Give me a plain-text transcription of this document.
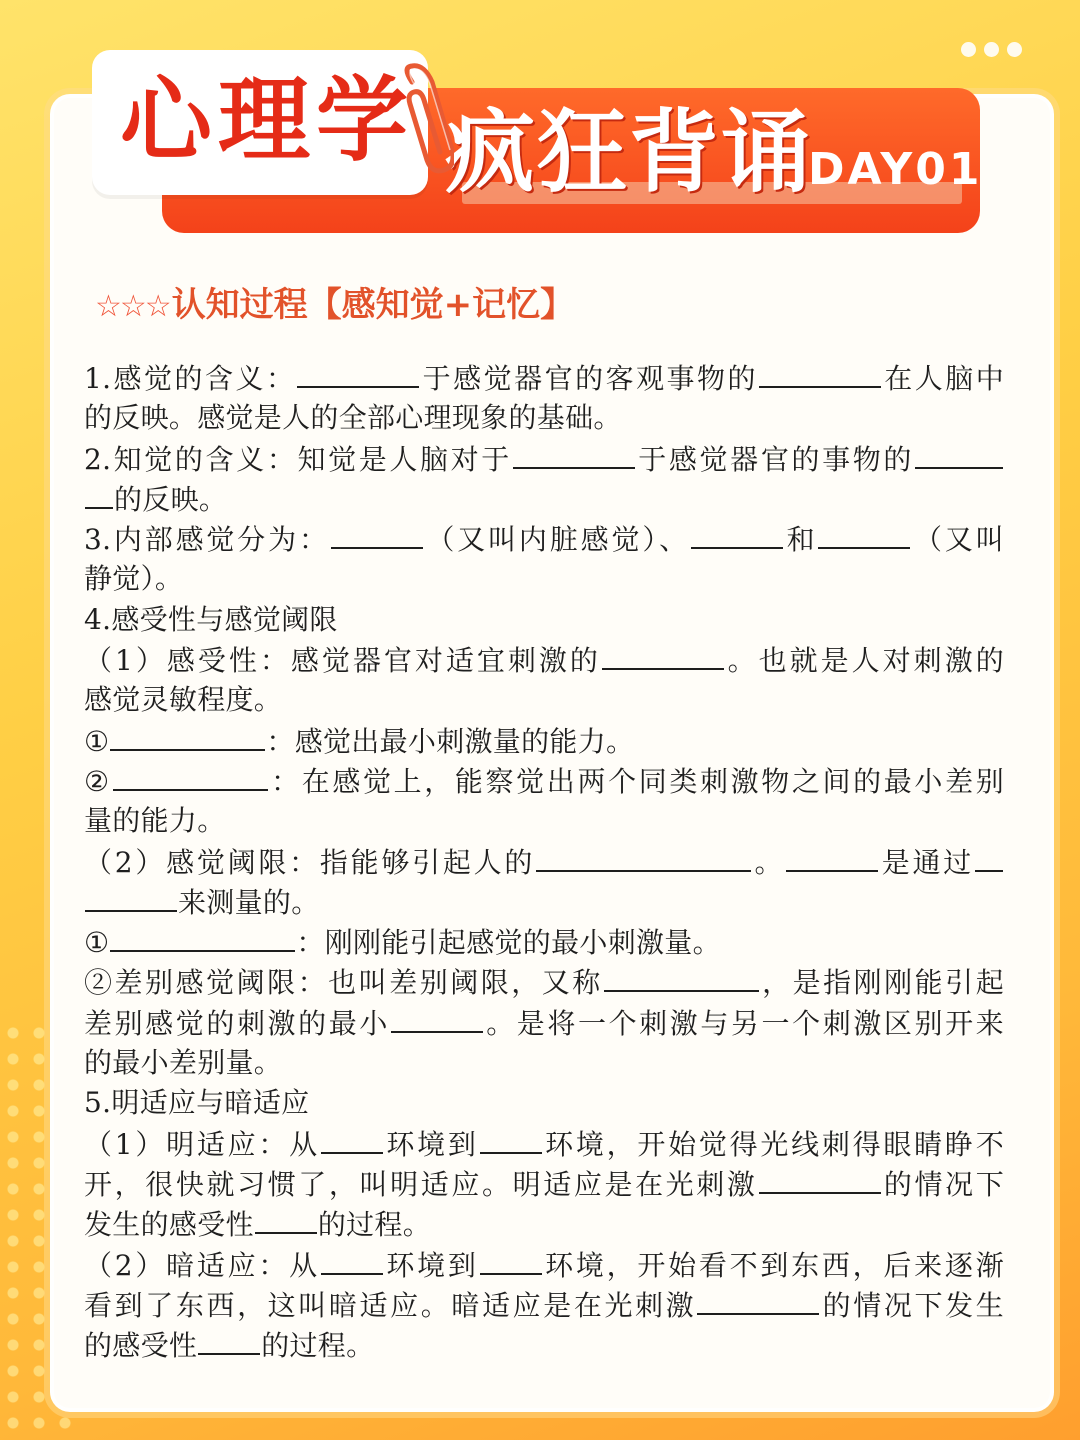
心理学 疯狂背诵
DAY01
☆☆☆认知过程【感知觉+记忆】
1.感觉的含义：	于感觉器官的客观事物的	在人脑中
的反映。感觉是人的全部心理现象的基础。
2.知觉的含义：知觉是人脑对于	于感觉器官的事物的
的反映。
3.内部感觉分为：	（又叫内脏感觉）、	和	（又叫
静觉）。
4.感受性与感觉阈限
（1）感受性：感觉器官对适宜刺激的	。也就是人对刺激的
感觉灵敏程度。
①	：感觉出最小刺激量的能力。
②	：在感觉上，能察觉出两个同类刺激物之间的最小差别
量的能力。
（2）感觉阈限：指能够引起人的	。	是通过
来测量的。
①	：刚刚能引起感觉的最小刺激量。
②差别感觉阈限：也叫差别阈限，又称	，是指刚刚能引起
差别感觉的刺激的最小	。是将一个刺激与另一个刺激区别开来
的最小差别量。
5.明适应与暗适应
（1）明适应：从 环境到 环境，开始觉得光线刺得眼睛睁不
开，很快就习惯了，叫明适应。明适应是在光刺激	的情况下
发生的感受性 的过程。
（2）暗适应：从 环境到 环境，开始看不到东西，后来逐渐
看到了东西，这叫暗适应。暗适应是在光刺激	的情况下发生
的感受性 的过程。
